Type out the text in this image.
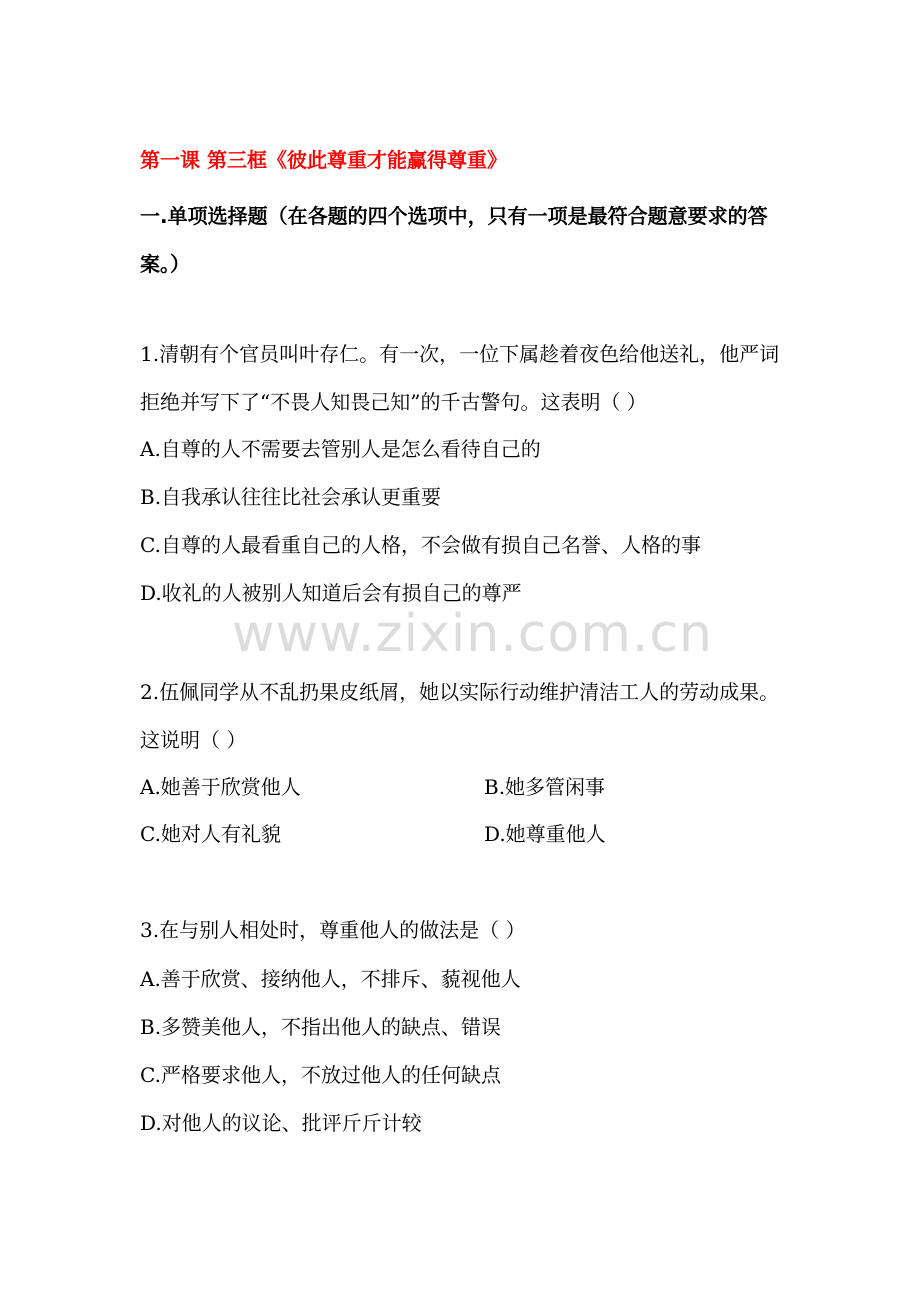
第一课 第三框《彼此尊重才能赢得尊重》
一.单项选择题（在各题的四个选项中，只有一项是最符合题意要求的答案。）
1.清朝有个官员叫叶存仁。有一次，一位下属趁着夜色给他送礼，他严词拒绝并写下了“不畏人知畏己知”的千古警句。这表明（ ）
A.自尊的人不需要去管别人是怎么看待自己的
B.自我承认往往比社会承认更重要
C.自尊的人最看重自己的人格，不会做有损自己名誉、人格的事
D.收礼的人被别人知道后会有损自己的尊严
www.zixin.com.cn
2.伍佩同学从不乱扔果皮纸屑，她以实际行动维护清洁工人的劳动成果。这说明（ ）
A.她善于欣赏他人	B.她多管闲事
C.她对人有礼貌	D.她尊重他人
3.在与别人相处时，尊重他人的做法是（ ）
A.善于欣赏、接纳他人，不排斥、藐视他人
B.多赞美他人，不指出他人的缺点、错误
C.严格要求他人，不放过他人的任何缺点
D.对他人的议论、批评斤斤计较
